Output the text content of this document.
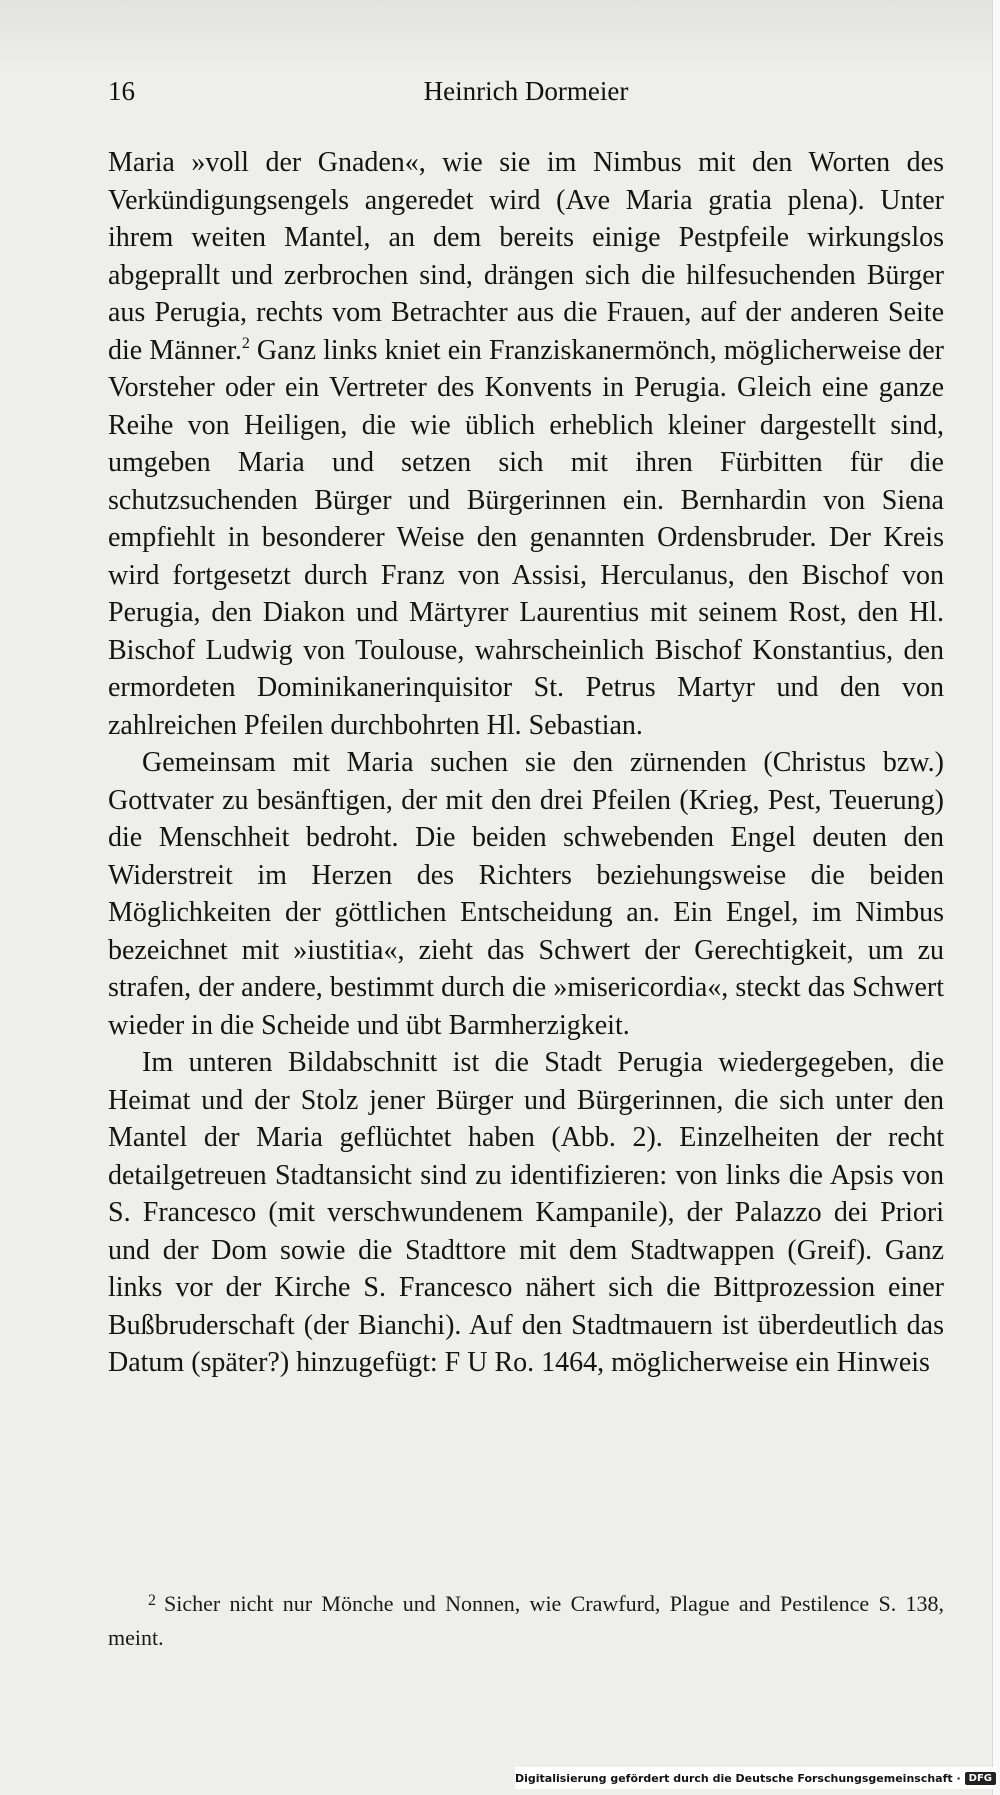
16	Heinrich Dormeier

Maria »voll der Gnaden«, wie sie im Nimbus mit den Worten des Verkündigungsengels angeredet wird (Ave Maria gratia plena). Unter ihrem weiten Mantel, an dem bereits einige Pestpfeile wirkungslos abgeprallt und zerbrochen sind, drängen sich die hilfesuchenden Bürger aus Perugia, rechts vom Betrachter aus die Frauen, auf der anderen Seite die Männer.$^2$ Ganz links kniet ein Franziskanermönch, möglicherweise der Vorsteher oder ein Vertreter des Konvents in Perugia. Gleich eine ganze Reihe von Heiligen, die wie üblich erheblich kleiner dargestellt sind, umgeben Maria und setzen sich mit ihren Fürbitten für die schutzsuchenden Bürger und Bürgerinnen ein. Bernhardin von Siena empfiehlt in besonderer Weise den genannten Ordensbruder. Der Kreis wird fortgesetzt durch Franz von Assisi, Herculanus, den Bischof von Perugia, den Diakon und Märtyrer Laurentius mit seinem Rost, den Hl. Bischof Ludwig von Toulouse, wahrscheinlich Bischof Konstantius, den ermordeten Dominikanerinquisitor St. Petrus Martyr und den von zahlreichen Pfeilen durchbohrten Hl. Sebastian.

Gemeinsam mit Maria suchen sie den zürnenden (Christus bzw.) Gottvater zu besänftigen, der mit den drei Pfeilen (Krieg, Pest, Teuerung) die Menschheit bedroht. Die beiden schwebenden Engel deuten den Widerstreit im Herzen des Richters beziehungsweise die beiden Möglichkeiten der göttlichen Entscheidung an. Ein Engel, im Nimbus bezeichnet mit »iustitia«, zieht das Schwert der Gerechtigkeit, um zu strafen, der andere, bestimmt durch die »misericordia«, steckt das Schwert wieder in die Scheide und übt Barmherzigkeit.

Im unteren Bildabschnitt ist die Stadt Perugia wiedergegeben, die Heimat und der Stolz jener Bürger und Bürgerinnen, die sich unter den Mantel der Maria geflüchtet haben (Abb. 2). Einzelheiten der recht detailgetreuen Stadtansicht sind zu identifizieren: von links die Apsis von S. Francesco (mit verschwundenem Kampanile), der Palazzo dei Priori und der Dom sowie die Stadttore mit dem Stadtwappen (Greif). Ganz links vor der Kirche S. Francesco nähert sich die Bittprozession einer Bußbruderschaft (der Bianchi). Auf den Stadtmauern ist überdeutlich das Datum (später?) hinzugefügt: F U Ro. 1464, möglicherweise ein Hinweis

$^2$ Sicher nicht nur Mönche und Nonnen, wie Crawfurd, Plague and Pestilence S. 138, meint.

Digitalisierung gefördert durch die Deutsche Forschungsgemeinschaft · DFG
